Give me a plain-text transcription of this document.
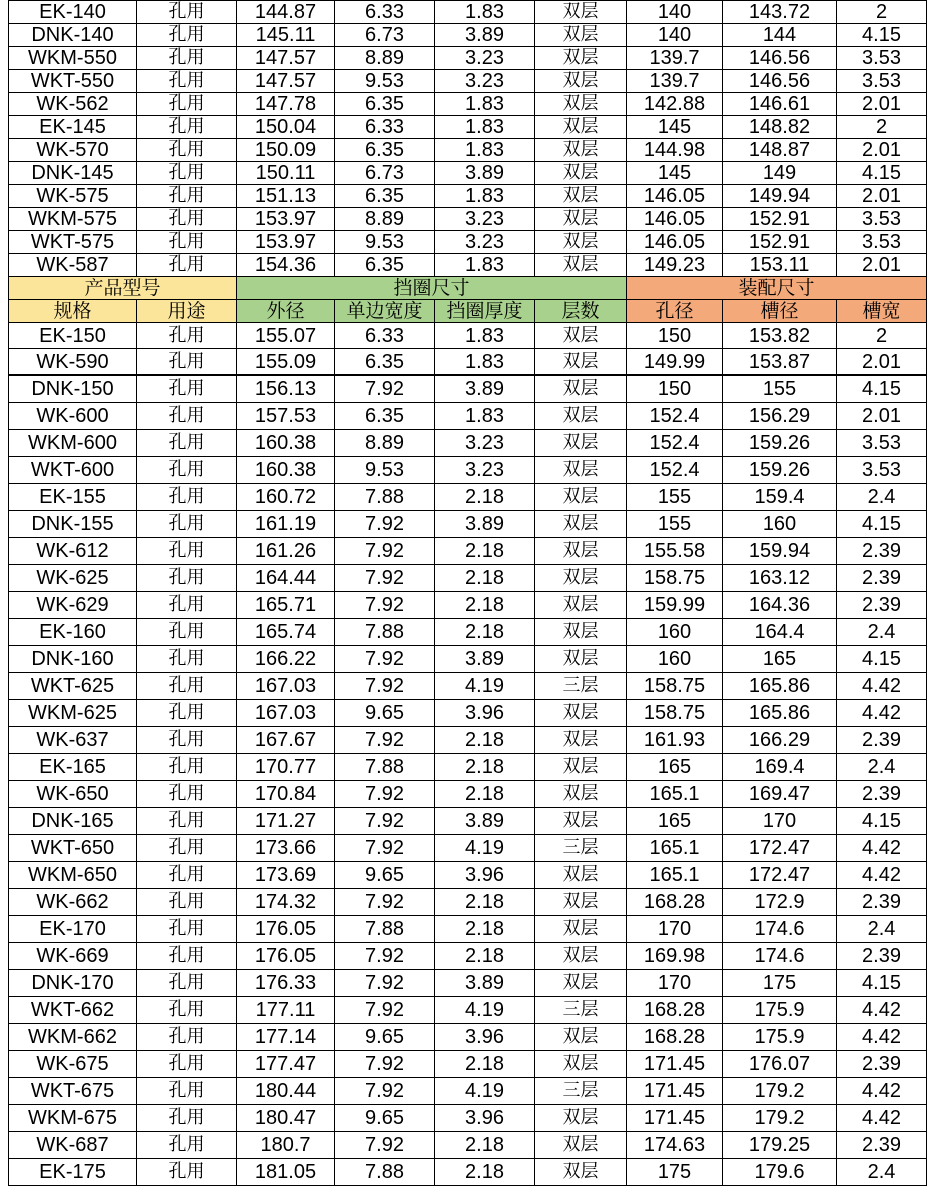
EK-140	孔用	144.87	6.33	1.83	双层	140	143.72	2
DNK-140	孔用	145.11	6.73	3.89	双层	140	144	4.15
WKM-550	孔用	147.57	8.89	3.23	双层	139.7	146.56	3.53
WKT-550	孔用	147.57	9.53	3.23	双层	139.7	146.56	3.53
WK-562	孔用	147.78	6.35	1.83	双层	142.88	146.61	2.01
EK-145	孔用	150.04	6.33	1.83	双层	145	148.82	2
WK-570	孔用	150.09	6.35	1.83	双层	144.98	148.87	2.01
DNK-145	孔用	150.11	6.73	3.89	双层	145	149	4.15
WK-575	孔用	151.13	6.35	1.83	双层	146.05	149.94	2.01
WKM-575	孔用	153.97	8.89	3.23	双层	146.05	152.91	3.53
WKT-575	孔用	153.97	9.53	3.23	双层	146.05	152.91	3.53
WK-587	孔用	154.36	6.35	1.83	双层	149.23	153.11	2.01
产品型号		挡圈尺寸				装配尺寸		
规格	用途	外径	单边宽度	挡圈厚度	层数	孔径	槽径	槽宽
EK-150	孔用	155.07	6.33	1.83	双层	150	153.82	2
WK-590	孔用	155.09	6.35	1.83	双层	149.99	153.87	2.01
DNK-150	孔用	156.13	7.92	3.89	双层	150	155	4.15
WK-600	孔用	157.53	6.35	1.83	双层	152.4	156.29	2.01
WKM-600	孔用	160.38	8.89	3.23	双层	152.4	159.26	3.53
WKT-600	孔用	160.38	9.53	3.23	双层	152.4	159.26	3.53
EK-155	孔用	160.72	7.88	2.18	双层	155	159.4	2.4
DNK-155	孔用	161.19	7.92	3.89	双层	155	160	4.15
WK-612	孔用	161.26	7.92	2.18	双层	155.58	159.94	2.39
WK-625	孔用	164.44	7.92	2.18	双层	158.75	163.12	2.39
WK-629	孔用	165.71	7.92	2.18	双层	159.99	164.36	2.39
EK-160	孔用	165.74	7.88	2.18	双层	160	164.4	2.4
DNK-160	孔用	166.22	7.92	3.89	双层	160	165	4.15
WKT-625	孔用	167.03	7.92	4.19	三层	158.75	165.86	4.42
WKM-625	孔用	167.03	9.65	3.96	双层	158.75	165.86	4.42
WK-637	孔用	167.67	7.92	2.18	双层	161.93	166.29	2.39
EK-165	孔用	170.77	7.88	2.18	双层	165	169.4	2.4
WK-650	孔用	170.84	7.92	2.18	双层	165.1	169.47	2.39
DNK-165	孔用	171.27	7.92	3.89	双层	165	170	4.15
WKT-650	孔用	173.66	7.92	4.19	三层	165.1	172.47	4.42
WKM-650	孔用	173.69	9.65	3.96	双层	165.1	172.47	4.42
WK-662	孔用	174.32	7.92	2.18	双层	168.28	172.9	2.39
EK-170	孔用	176.05	7.88	2.18	双层	170	174.6	2.4
WK-669	孔用	176.05	7.92	2.18	双层	169.98	174.6	2.39
DNK-170	孔用	176.33	7.92	3.89	双层	170	175	4.15
WKT-662	孔用	177.11	7.92	4.19	三层	168.28	175.9	4.42
WKM-662	孔用	177.14	9.65	3.96	双层	168.28	175.9	4.42
WK-675	孔用	177.47	7.92	2.18	双层	171.45	176.07	2.39
WKT-675	孔用	180.44	7.92	4.19	三层	171.45	179.2	4.42
WKM-675	孔用	180.47	9.65	3.96	双层	171.45	179.2	4.42
WK-687	孔用	180.7	7.92	2.18	双层	174.63	179.25	2.39
EK-175	孔用	181.05	7.88	2.18	双层	175	179.6	2.4
